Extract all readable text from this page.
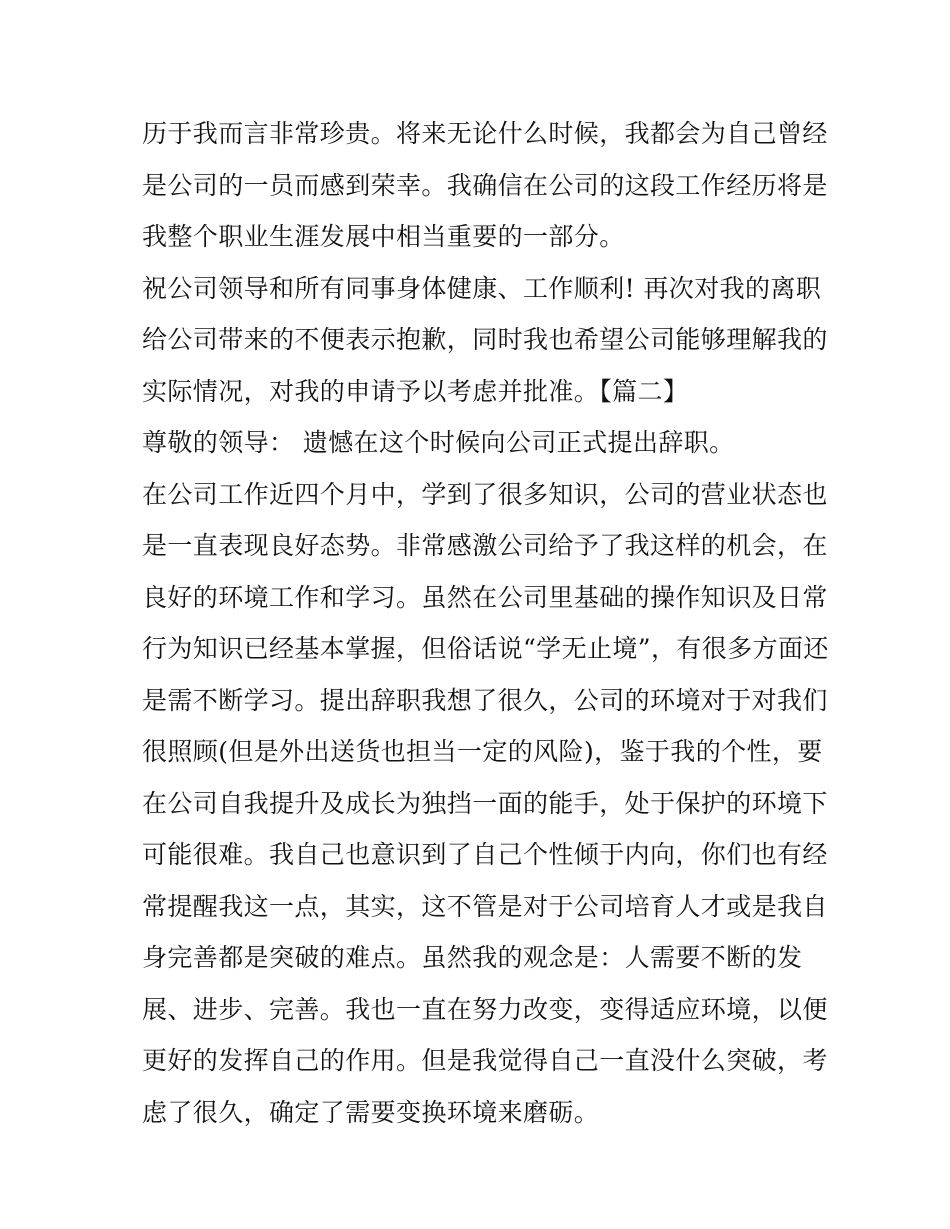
历于我而言非常珍贵。将来无论什么时候，我都会为自己曾经
是公司的一员而感到荣幸。我确信在公司的这段工作经历将是
我整个职业生涯发展中相当重要的一部分。
祝公司领导和所有同事身体健康、工作顺利! 再次对我的离职
给公司带来的不便表示抱歉，同时我也希望公司能够理解我的
实际情况，对我的申请予以考虑并批准。【篇二】
尊敬的领导： 遗憾在这个时候向公司正式提出辞职。
在公司工作近四个月中，学到了很多知识，公司的营业状态也
是一直表现良好态势。非常感激公司给予了我这样的机会，在
良好的环境工作和学习。虽然在公司里基础的操作知识及日常
行为知识已经基本掌握，但俗话说“学无止境”，有很多方面还
是需不断学习。提出辞职我想了很久，公司的环境对于对我们
很照顾(但是外出送货也担当一定的风险)，鉴于我的个性，要
在公司自我提升及成长为独挡一面的能手，处于保护的环境下
可能很难。我自己也意识到了自己个性倾于内向，你们也有经
常提醒我这一点，其实，这不管是对于公司培育人才或是我自
身完善都是突破的难点。虽然我的观念是：人需要不断的发
展、进步、完善。我也一直在努力改变，变得适应环境，以便
更好的发挥自己的作用。但是我觉得自己一直没什么突破，考
虑了很久，确定了需要变换环境来磨砺。
